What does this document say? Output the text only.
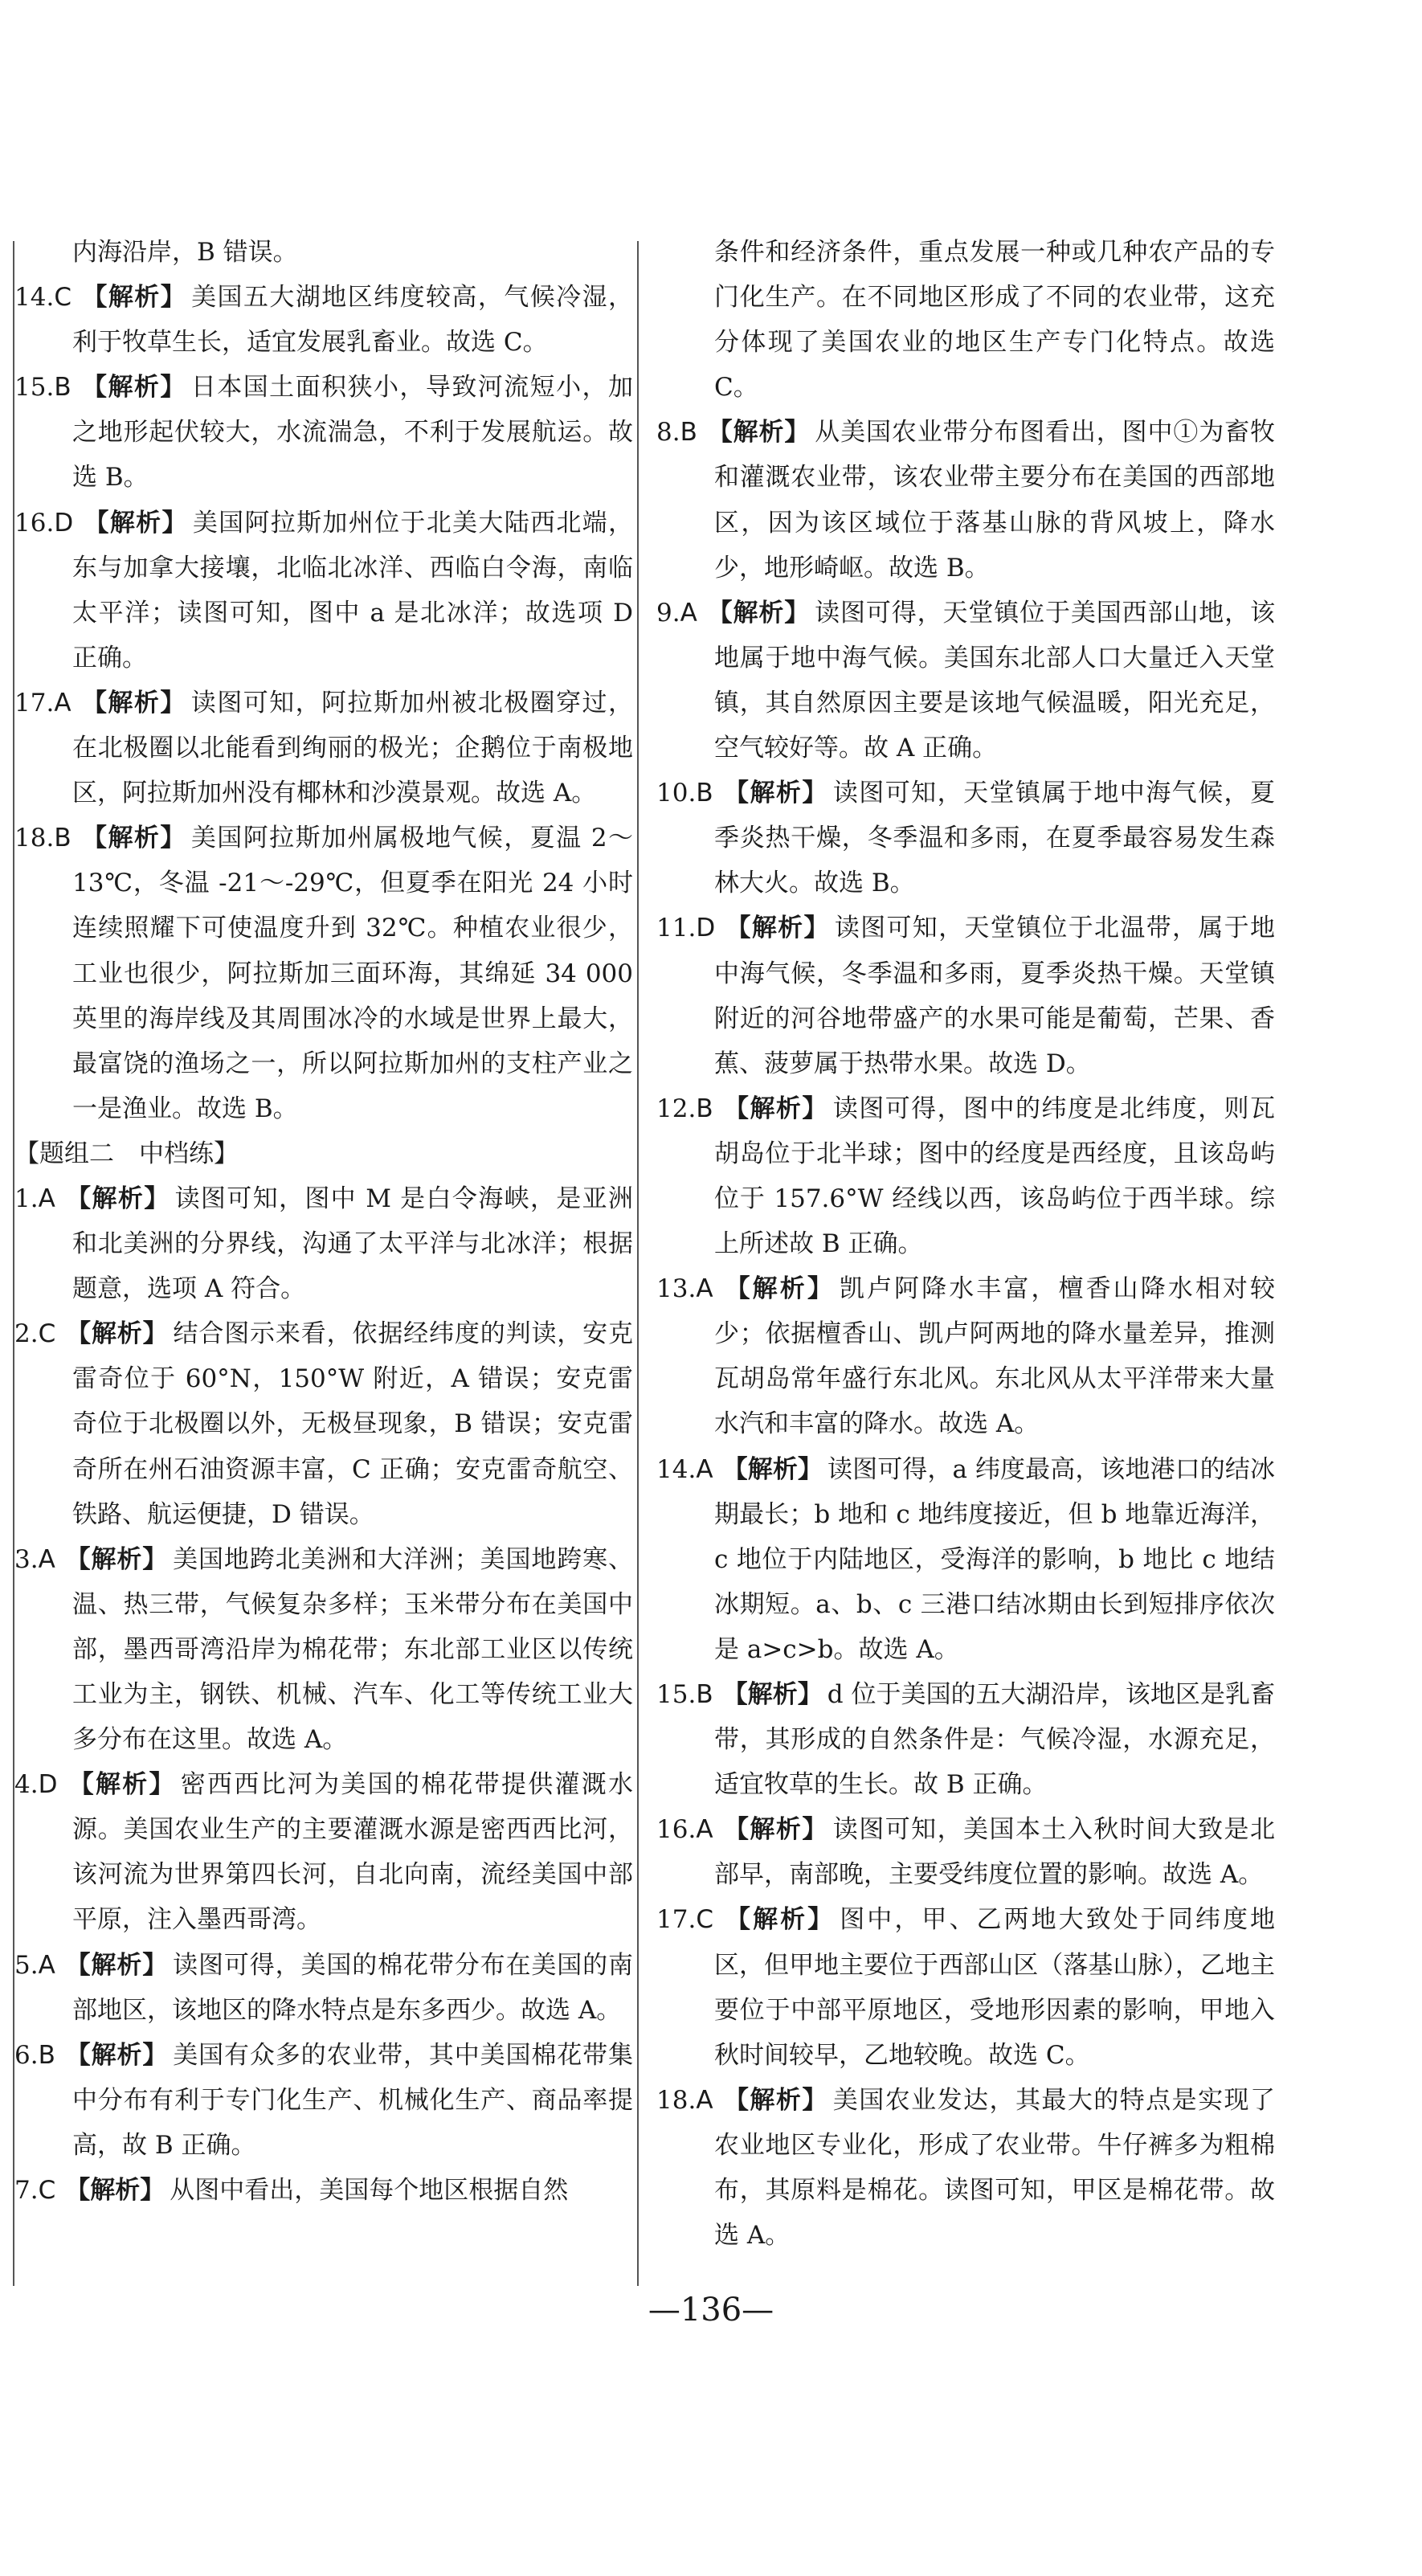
内海沿岸，B 错误。

14.C 【解析】 美国五大湖地区纬度较高，气候冷湿，利于牧草生长，适宜发展乳畜业。故选 C。

15.B 【解析】 日本国土面积狭小，导致河流短小，加之地形起伏较大，水流湍急，不利于发展航运。故选 B。

16.D 【解析】 美国阿拉斯加州位于北美大陆西北端，东与加拿大接壤，北临北冰洋、西临白令海，南临太平洋；读图可知，图中 a 是北冰洋；故选项 D 正确。

17.A 【解析】 读图可知，阿拉斯加州被北极圈穿过，在北极圈以北能看到绚丽的极光；企鹅位于南极地区，阿拉斯加州没有椰林和沙漠景观。故选 A。

18.B 【解析】 美国阿拉斯加州属极地气候，夏温 2～13℃，冬温 -21～-29℃，但夏季在阳光 24 小时连续照耀下可使温度升到 32℃。种植农业很少，工业也很少，阿拉斯加三面环海，其绵延 34 000 英里的海岸线及其周围冰冷的水域是世界上最大，最富饶的渔场之一，所以阿拉斯加州的支柱产业之一是渔业。故选 B。

【题组二　中档练】

1.A 【解析】 读图可知，图中 M 是白令海峡，是亚洲和北美洲的分界线，沟通了太平洋与北冰洋；根据题意，选项 A 符合。

2.C 【解析】 结合图示来看，依据经纬度的判读，安克雷奇位于 60°N，150°W 附近，A 错误；安克雷奇位于北极圈以外，无极昼现象，B 错误；安克雷奇所在州石油资源丰富，C 正确；安克雷奇航空、铁路、航运便捷，D 错误。

3.A 【解析】 美国地跨北美洲和大洋洲；美国地跨寒、温、热三带，气候复杂多样；玉米带分布在美国中部，墨西哥湾沿岸为棉花带；东北部工业区以传统工业为主，钢铁、机械、汽车、化工等传统工业大多分布在这里。故选 A。

4.D 【解析】 密西西比河为美国的棉花带提供灌溉水源。美国农业生产的主要灌溉水源是密西西比河，该河流为世界第四长河，自北向南，流经美国中部平原，注入墨西哥湾。

5.A 【解析】 读图可得，美国的棉花带分布在美国的南部地区，该地区的降水特点是东多西少。故选 A。

6.B 【解析】 美国有众多的农业带，其中美国棉花带集中分布有利于专门化生产、机械化生产、商品率提高，故 B 正确。

7.C 【解析】 从图中看出，美国每个地区根据自然

条件和经济条件，重点发展一种或几种农产品的专门化生产。在不同地区形成了不同的农业带，这充分体现了美国农业的地区生产专门化特点。故选 C。

8.B 【解析】 从美国农业带分布图看出，图中①为畜牧和灌溉农业带，该农业带主要分布在美国的西部地区，因为该区域位于落基山脉的背风坡上，降水少，地形崎岖。故选 B。

9.A 【解析】 读图可得，天堂镇位于美国西部山地，该地属于地中海气候。美国东北部人口大量迁入天堂镇，其自然原因主要是该地气候温暖，阳光充足，空气较好等。故 A 正确。

10.B 【解析】 读图可知，天堂镇属于地中海气候，夏季炎热干燥，冬季温和多雨，在夏季最容易发生森林大火。故选 B。

11.D 【解析】 读图可知，天堂镇位于北温带，属于地中海气候，冬季温和多雨，夏季炎热干燥。天堂镇附近的河谷地带盛产的水果可能是葡萄，芒果、香蕉、菠萝属于热带水果。故选 D。

12.B 【解析】 读图可得，图中的纬度是北纬度，则瓦胡岛位于北半球；图中的经度是西经度，且该岛屿位于 157.6°W 经线以西，该岛屿位于西半球。综上所述故 B 正确。

13.A 【解析】 凯卢阿降水丰富，檀香山降水相对较少；依据檀香山、凯卢阿两地的降水量差异，推测瓦胡岛常年盛行东北风。东北风从太平洋带来大量水汽和丰富的降水。故选 A。

14.A 【解析】 读图可得，a 纬度最高，该地港口的结冰期最长；b 地和 c 地纬度接近，但 b 地靠近海洋，c 地位于内陆地区，受海洋的影响，b 地比 c 地结冰期短。a、b、c 三港口结冰期由长到短排序依次是 a>c>b。故选 A。

15.B 【解析】 d 位于美国的五大湖沿岸，该地区是乳畜带，其形成的自然条件是：气候冷湿，水源充足，适宜牧草的生长。故 B 正确。

16.A 【解析】 读图可知，美国本土入秋时间大致是北部早，南部晚，主要受纬度位置的影响。故选 A。

17.C 【解析】 图中，甲、乙两地大致处于同纬度地区，但甲地主要位于西部山区（落基山脉），乙地主要位于中部平原地区，受地形因素的影响，甲地入秋时间较早，乙地较晚。故选 C。

18.A 【解析】 美国农业发达，其最大的特点是实现了农业地区专业化，形成了农业带。牛仔裤多为粗棉布，其原料是棉花。读图可知，甲区是棉花带。故选 A。

—136—
